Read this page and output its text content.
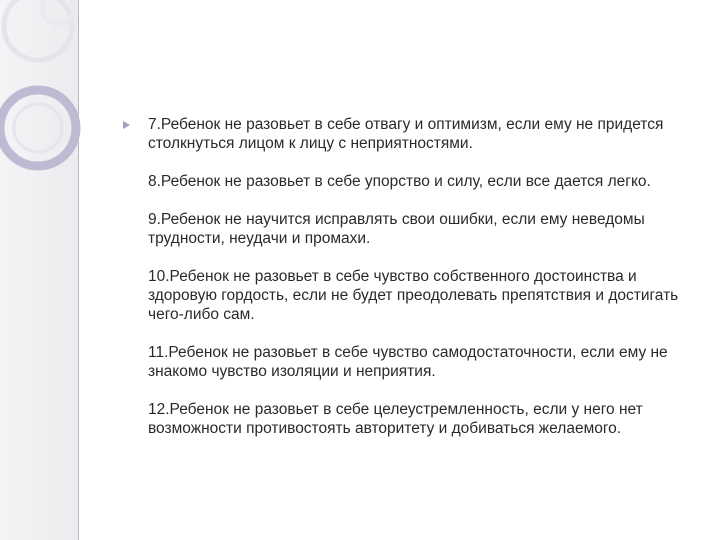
7.Ребенок не разовьет в себе отвагу и оптимизм, если ему не придется столкнуться лицом к лицу с неприятностями.

8.Ребенок не разовьет в себе упорство и силу, если все дается легко.

9.Ребенок не научится исправлять свои ошибки, если ему неведомы трудности, неудачи и промахи.

10.Ребенок не разовьет в себе чувство собственного достоинства и здоровую гордость, если не будет преодолевать препятствия и достигать чего-либо сам.

11.Ребенок не разовьет в себе чувство самодостаточности, если ему не знакомо чувство изоляции и неприятия.

12.Ребенок не разовьет в себе целеустремленность, если у него нет возможности противостоять авторитету и добиваться желаемого.
